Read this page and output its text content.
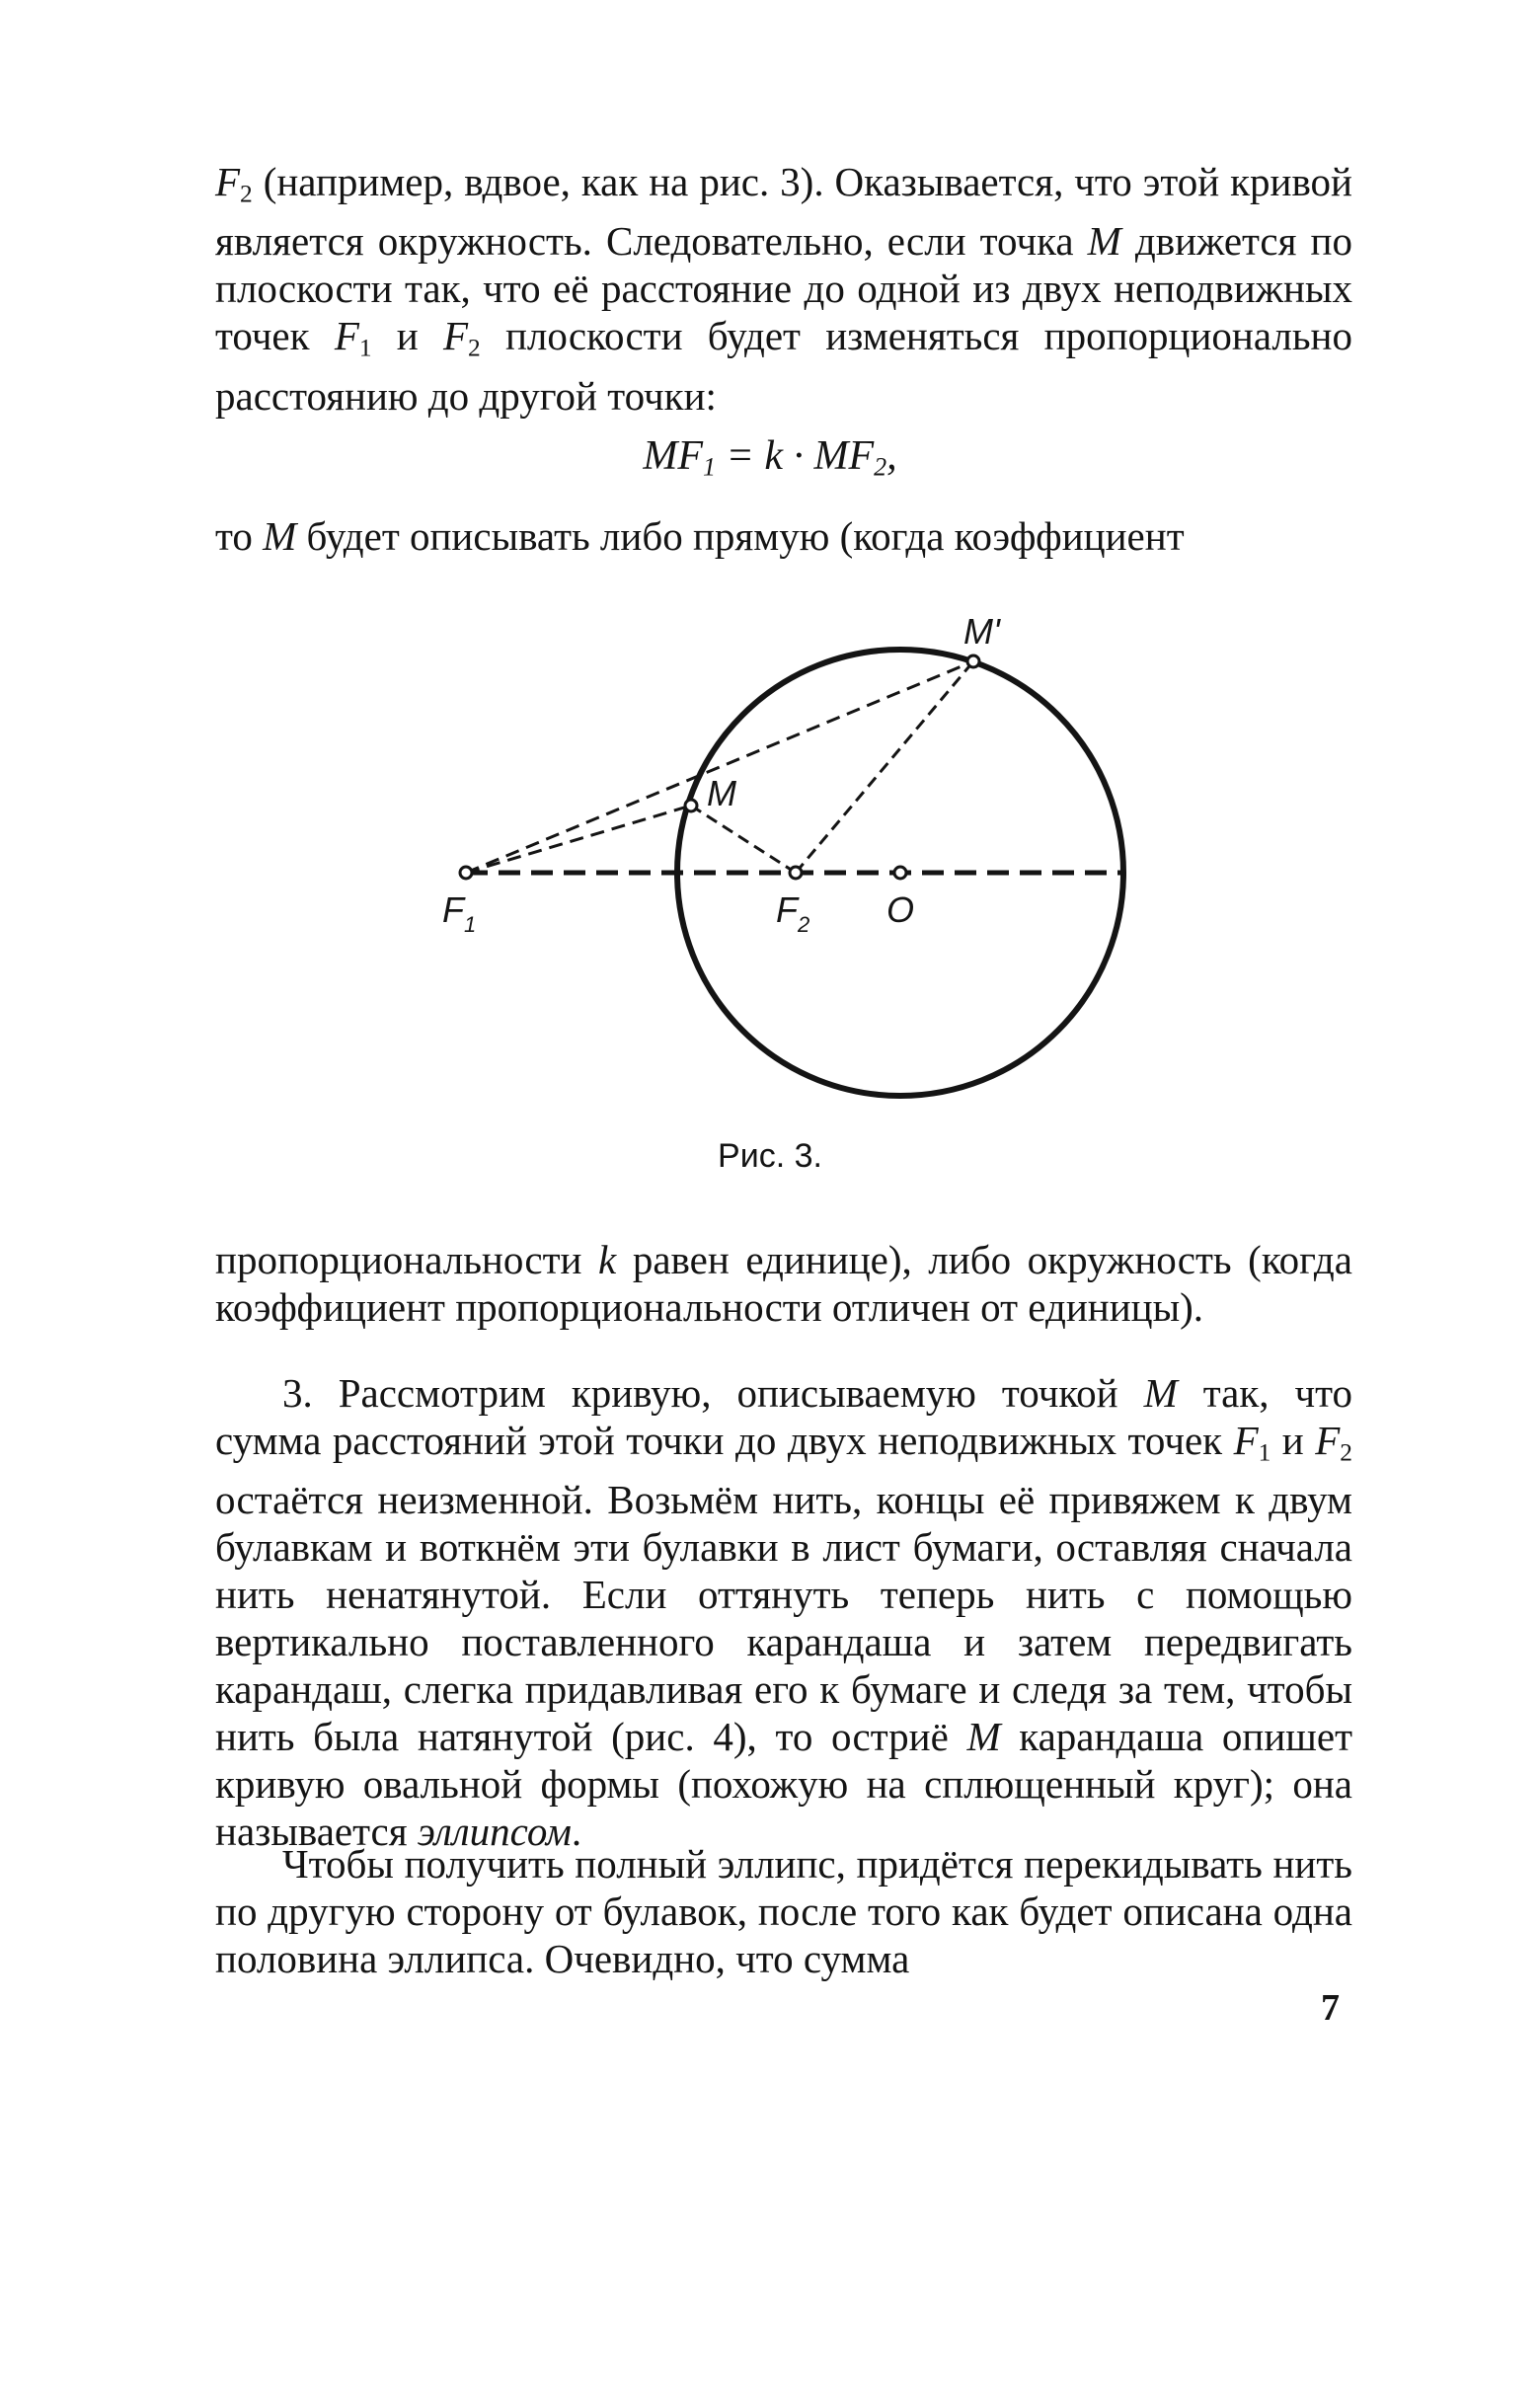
$F_2$ (например, вдвое, как на рис. 3). Оказывается, что этой кривой является окружность. Следовательно, если точка M движется по плоскости так, что её расстояние до одной из двух неподвижных точек $F_1$ и $F_2$ плоскости будет изменяться пропорционально расстоянию до другой точки:

$MF_1 = k \cdot MF_2$,

то M будет описывать либо прямую (когда коэффициент

M'
M
F 1	F 2 O
Рис. 3.

пропорциональности k равен единице), либо окружность (когда коэффициент пропорциональности отличен от единицы).

3. Рассмотрим кривую, описываемую точкой M так, что сумма расстояний этой точки до двух неподвижных точек $F_1$ и $F_2$ остаётся неизменной. Возьмём нить, концы её привяжем к двум булавкам и воткнём эти булавки в лист бумаги, оставляя сначала нить ненатянутой. Если оттянуть теперь нить с помощью вертикально поставленного карандаша и затем передвигать карандаш, слегка придавливая его к бумаге и следя за тем, чтобы нить была натянутой (рис. 4), то остриё M карандаша опишет кривую овальной формы (похожую на сплющенный круг); она называется эллипсом.

Чтобы получить полный эллипс, придётся перекидывать нить по другую сторону от булавок, после того как будет описана одна половина эллипса. Очевидно, что сумма

7
